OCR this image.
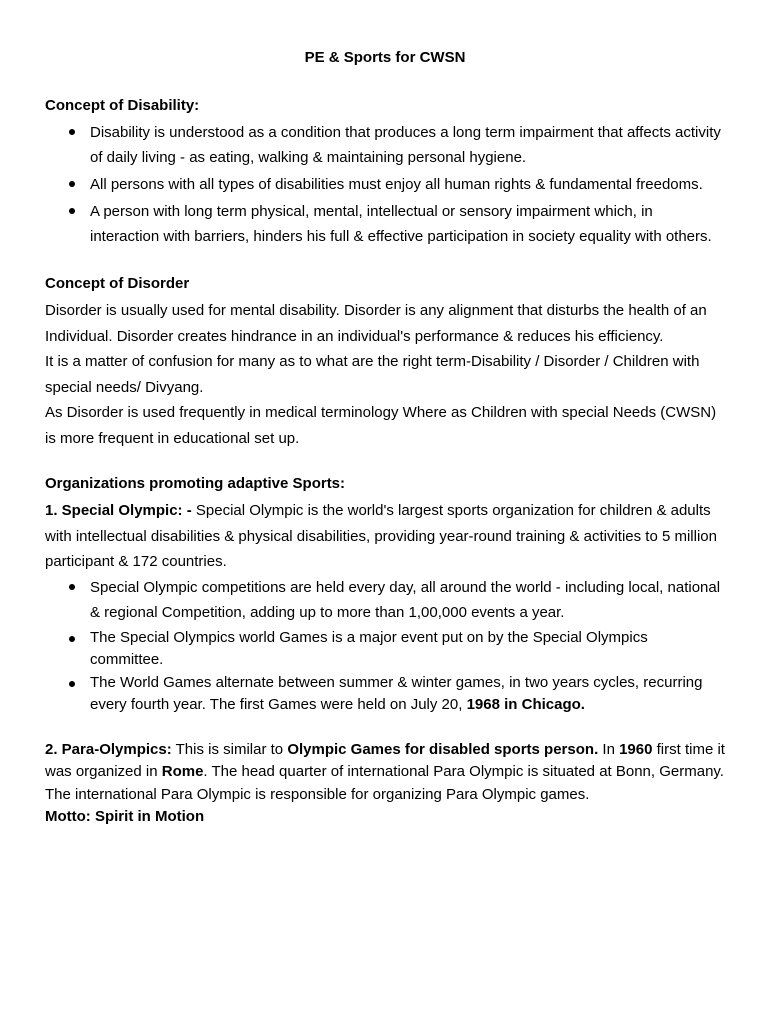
PE & Sports for CWSN
Concept of Disability:
Disability is understood as a condition that produces a long term impairment that affects activity of daily living - as eating, walking & maintaining personal hygiene.
All persons with all types of disabilities must enjoy all human rights & fundamental freedoms.
A person with long term physical, mental, intellectual or sensory impairment which, in interaction with barriers, hinders his full & effective participation in society equality with others.
Concept of Disorder

Disorder is usually used for mental disability. Disorder is any alignment that disturbs the health of an Individual. Disorder creates hindrance in an individual's performance & reduces his efficiency.

It is a matter of confusion for many as to what are the right term-Disability / Disorder / Children with special needs/ Divyang.

As Disorder is used frequently in medical terminology Where as Children with special Needs (CWSN) is more frequent in educational set up.

Organizations promoting adaptive Sports:

1. Special Olympic: - Special Olympic is the world's largest sports organization for children & adults with intellectual disabilities & physical disabilities, providing year-round training & activities to 5 million participant & 172 countries.

Special Olympic competitions are held every day, all around the world - including local, national & regional Competition, adding up to more than 1,00,000 events a year.
The Special Olympics world Games is a major event put on by the Special Olympics committee.
The World Games alternate between summer & winter games, in two years cycles, recurring every fourth year. The first Games were held on July 20, 1968 in Chicago.

2. Para-Olympics: This is similar to Olympic Games for disabled sports person. In 1960 first time it was organized in Rome. The head quarter of international Para Olympic is situated at Bonn, Germany. The international Para Olympic is responsible for organizing Para Olympic games.

Motto: Spirit in Motion
